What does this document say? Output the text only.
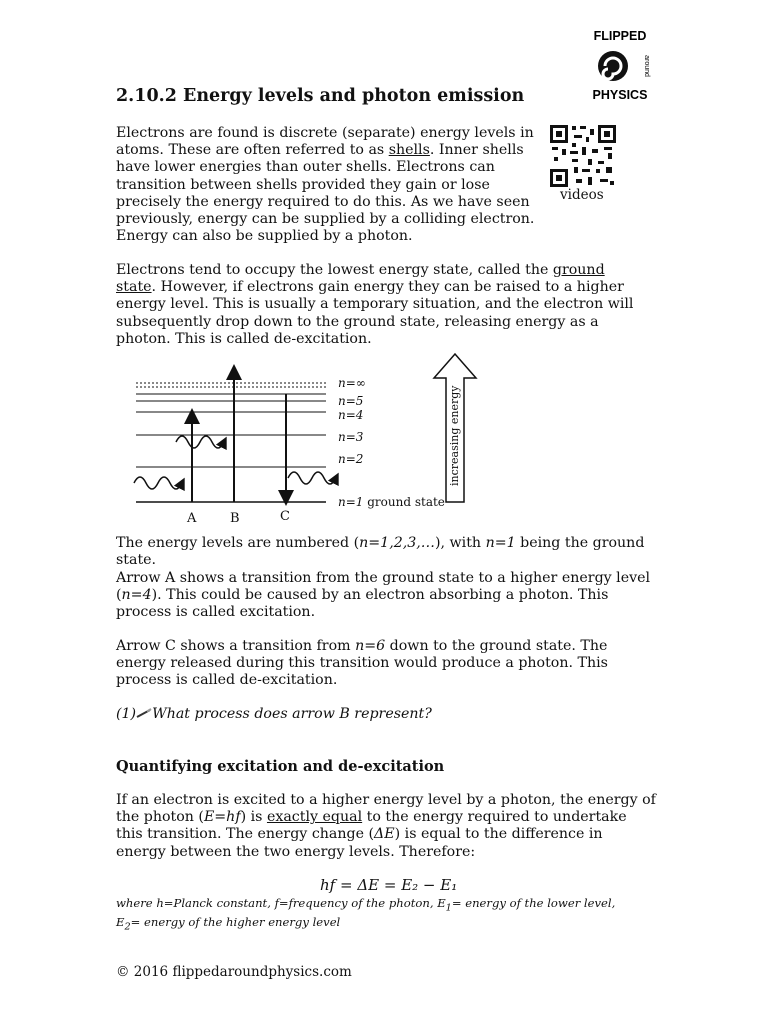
FLIPPED
around
PHYSICS
2.10.2 Energy levels and photon emission
videos
Electrons are found is discrete (separate) energy levels in atoms. These are often referred to as shells. Inner shells have lower energies than outer shells. Electrons can transition between shells provided they gain or lose precisely the energy required to do this. As we have seen previously, energy can be supplied by a colliding electron. Energy can also be supplied by a photon.
Electrons tend to occupy the lowest energy state, called the ground state. However, if electrons gain energy they can be raised to a higher energy level. This is usually a temporary situation, and the electron will subsequently drop down to the ground state, releasing energy as a photon. This is called de-excitation.
n=∞
n=5
n=4
n=3
n=2
n=1 ground state
A	B	C
increasing energy
The energy levels are numbered (n=1,2,3,…), with n=1 being the ground state.
Arrow A shows a transition from the ground state to a higher energy level (n=4). This could be caused by an electron absorbing a photon. This process is called excitation.
Arrow C shows a transition from n=6 down to the ground state. The energy released during this transition would produce a photon. This process is called de-excitation.
(1) What process does arrow B represent?
Quantifying excitation and de-excitation
If an electron is excited to a higher energy level by a photon, the energy of the photon (E=hf) is exactly equal to the energy required to undertake this transition. The energy change (ΔE) is equal to the difference in energy between the two energy levels. Therefore:
hf = ΔE = E₂ − E₁
where h=Planck constant, f=frequency of the photon, $E_1=$ energy of the lower level, $E_2=$ energy of the higher energy level
© 2016 flippedaroundphysics.com
